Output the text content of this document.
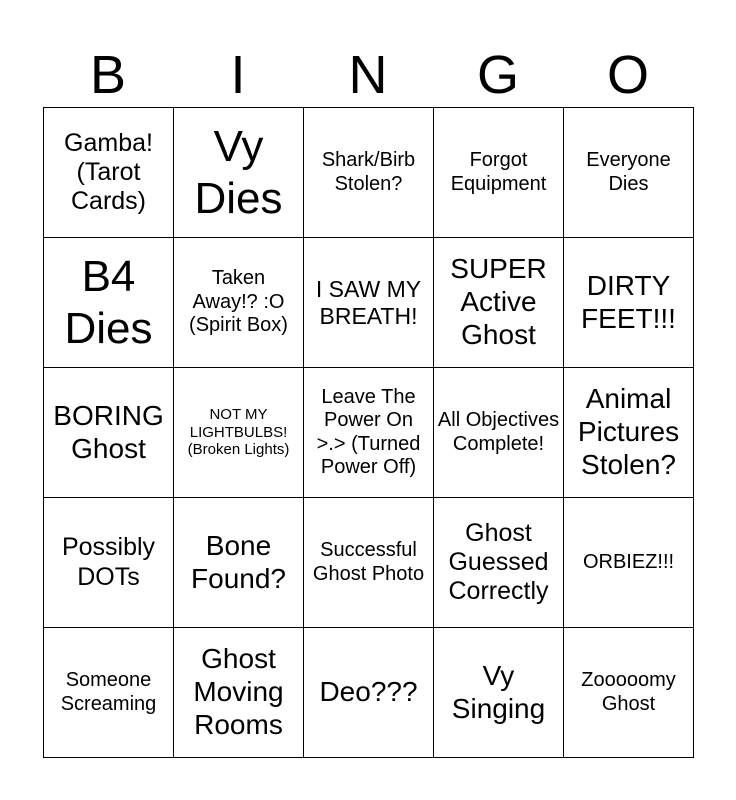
B	I	N	G	O
Gamba! (Tarot Cards)	Vy Dies	Shark/Birb Stolen?	Forgot Equipment	Everyone Dies
B4 Dies	Taken Away!? :O (Spirit Box)	I SAW MY BREATH!	SUPER Active Ghost	DIRTY FEET!!!
BORING Ghost	NOT MY LIGHTBULBS! (Broken Lights)	Leave The Power On >.> (Turned Power Off)	All Objectives Complete!	Animal Pictures Stolen?
Possibly DOTs	Bone Found?	Successful Ghost Photo	Ghost Guessed Correctly	ORBIEZ!!!
Someone Screaming	Ghost Moving Rooms	Deo???	Vy Singing	Zooooomy Ghost
